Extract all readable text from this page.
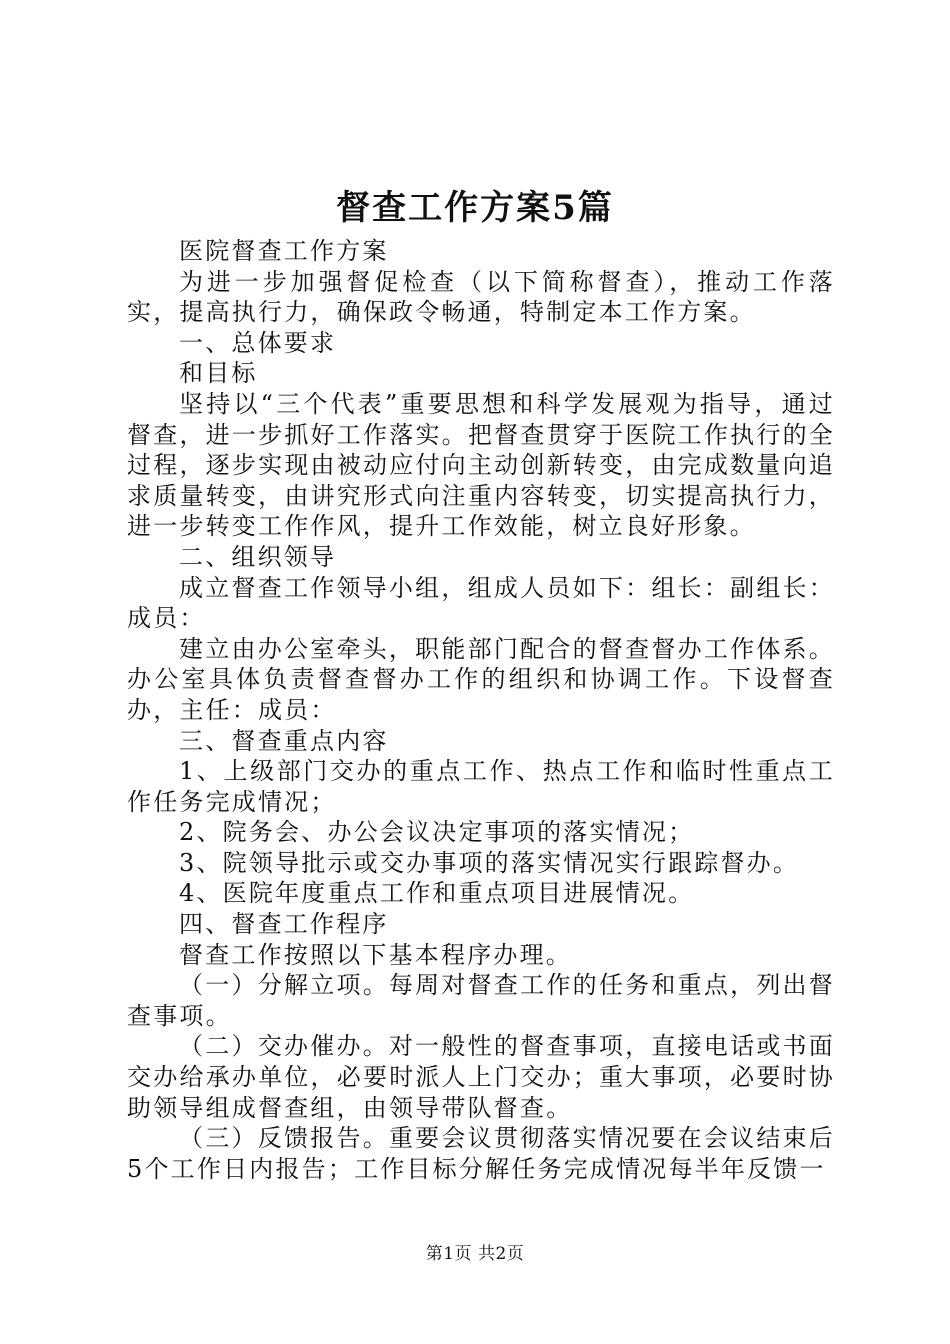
督查工作方案5篇

医院督查工作方案

为进一步加强督促检查（以下简称督查），推动工作落实，提高执行力，确保政令畅通，特制定本工作方案。

一、总体要求

和目标

坚持以“三个代表”重要思想和科学发展观为指导，通过督查，进一步抓好工作落实。把督查贯穿于医院工作执行的全过程，逐步实现由被动应付向主动创新转变，由完成数量向追求质量转变，由讲究形式向注重内容转变，切实提高执行力，进一步转变工作作风，提升工作效能，树立良好形象。

二、组织领导

成立督查工作领导小组，组成人员如下：组长：副组长：成员：

建立由办公室牵头，职能部门配合的督查督办工作体系。办公室具体负责督查督办工作的组织和协调工作。下设督查办，主任：成员：

三、督查重点内容

1、上级部门交办的重点工作、热点工作和临时性重点工作任务完成情况；

2、院务会、办公会议决定事项的落实情况；

3、院领导批示或交办事项的落实情况实行跟踪督办。

4、医院年度重点工作和重点项目进展情况。

四、督查工作程序

督查工作按照以下基本程序办理。

（一）分解立项。每周对督查工作的任务和重点，列出督查事项。

（二）交办催办。对一般性的督查事项，直接电话或书面交办给承办单位，必要时派人上门交办；重大事项，必要时协助领导组成督查组，由领导带队督查。

（三）反馈报告。重要会议贯彻落实情况要在会议结束后5个工作日内报告；工作目标分解任务完成情况每半年反馈一

第1页 共2页
